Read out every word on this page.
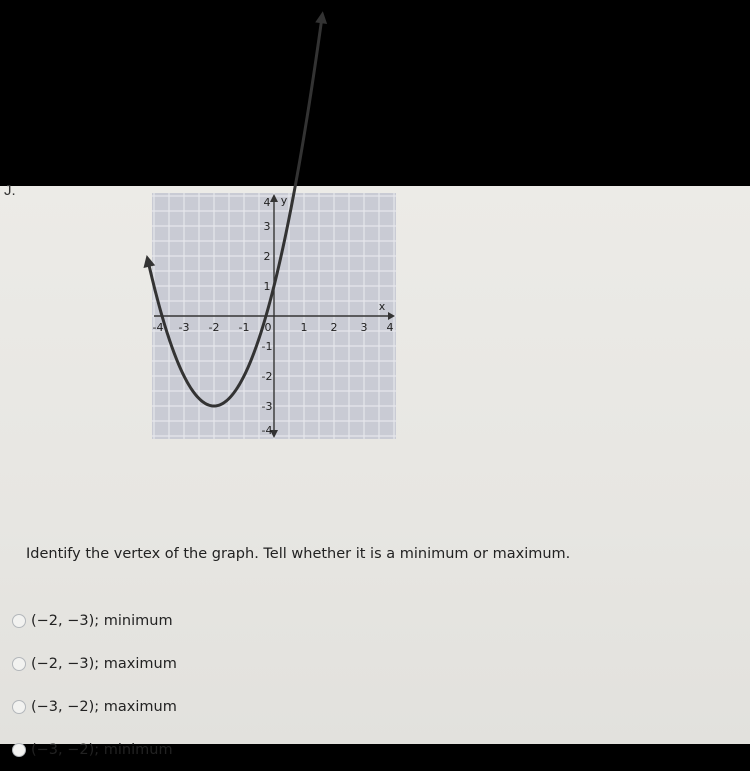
J.
y
x
0
-4 -3 -2 -1	1 2 3 4
4
3
2
1
-1
-2
-3
-4
Identify the vertex of the graph. Tell whether it is a minimum or maximum.
(−2, −3); minimum
(−2, −3); maximum
(−3, −2); maximum
(−3, −2); minimum
